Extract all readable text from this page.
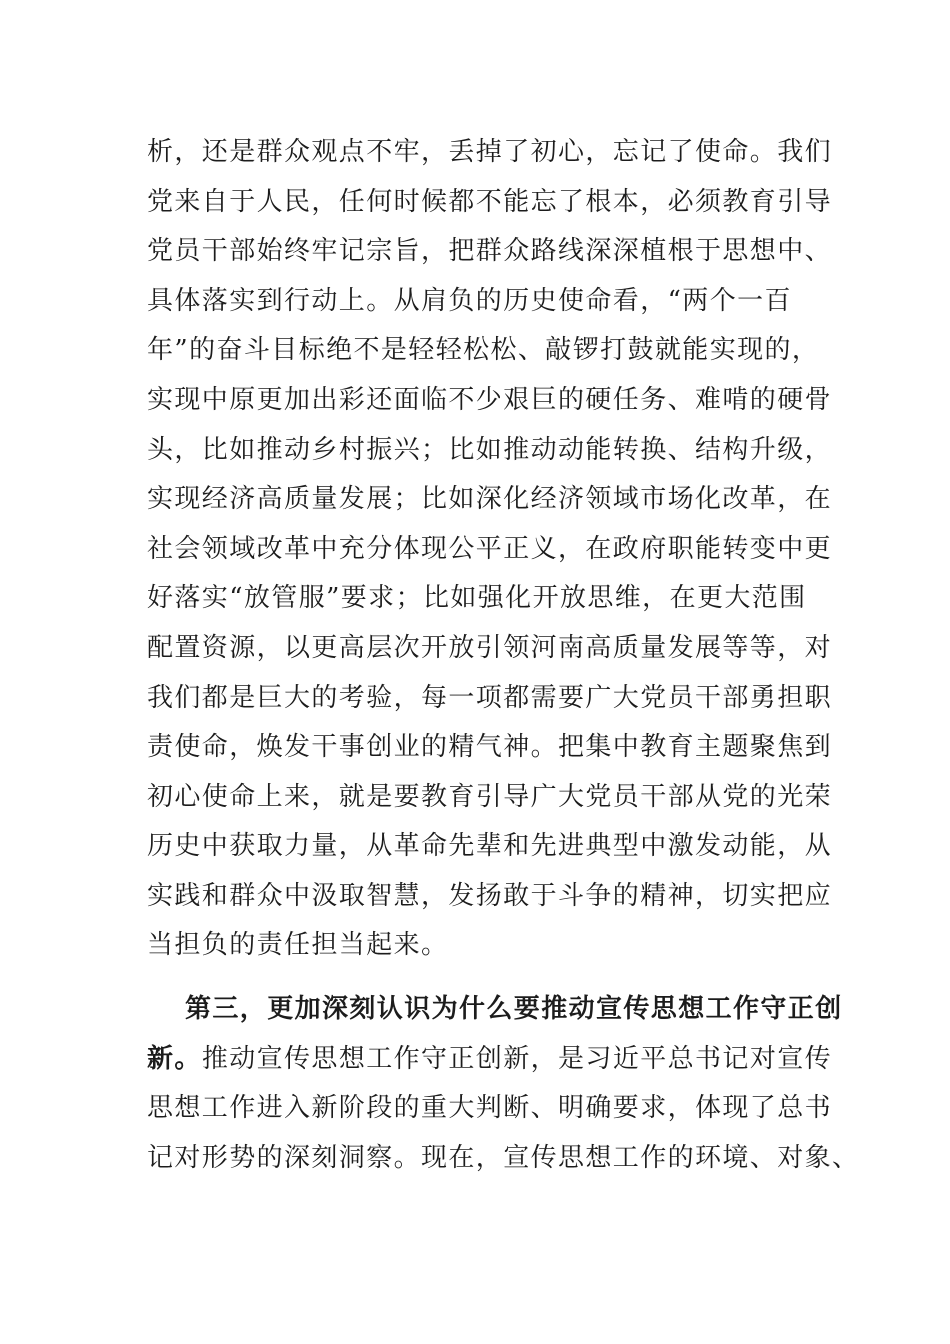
析，还是群众观点不牢，丢掉了初心，忘记了使命。我们
党来自于人民，任何时候都不能忘了根本，必须教育引导
党员干部始终牢记宗旨，把群众路线深深植根于思想中、
具体落实到行动上。从肩负的历史使命看，“两个一百
年”的奋斗目标绝不是轻轻松松、敲锣打鼓就能实现的，
实现中原更加出彩还面临不少艰巨的硬任务、难啃的硬骨
头，比如推动乡村振兴；比如推动动能转换、结构升级，
实现经济高质量发展；比如深化经济领域市场化改革，在
社会领域改革中充分体现公平正义，在政府职能转变中更
好落实“放管服”要求；比如强化开放思维，在更大范围
配置资源，以更高层次开放引领河南高质量发展等等，对
我们都是巨大的考验，每一项都需要广大党员干部勇担职
责使命，焕发干事创业的精气神。把集中教育主题聚焦到
初心使命上来，就是要教育引导广大党员干部从党的光荣
历史中获取力量，从革命先辈和先进典型中激发动能，从
实践和群众中汲取智慧，发扬敢于斗争的精神，切实把应
当担负的责任担当起来。
第三，更加深刻认识为什么要推动宣传思想工作守正创
新。推动宣传思想工作守正创新，是习近平总书记对宣传
思想工作进入新阶段的重大判断、明确要求，体现了总书
记对形势的深刻洞察。现在，宣传思想工作的环境、对象、
